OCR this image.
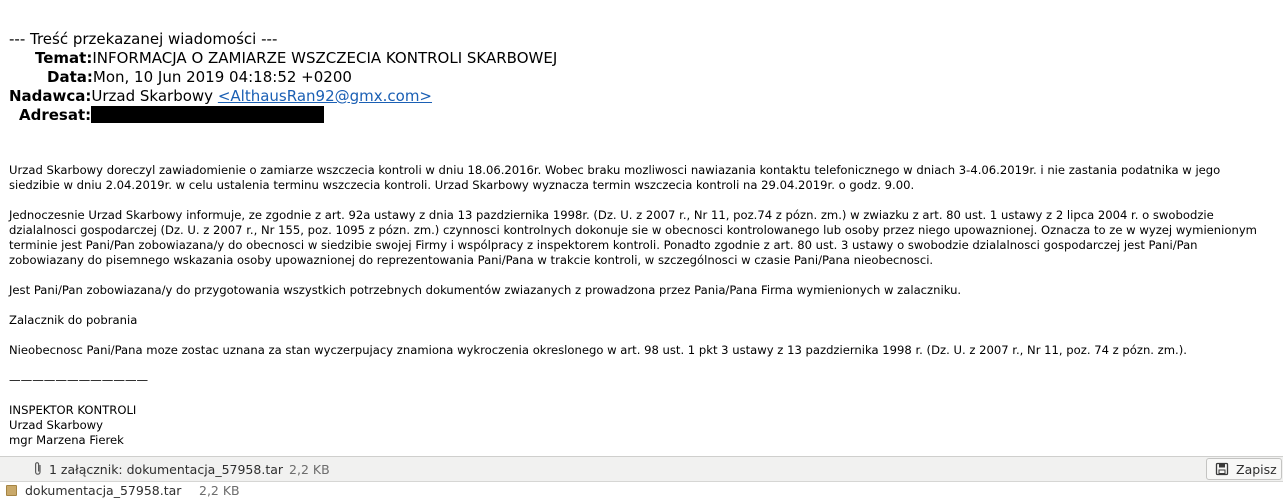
--- Treść przekazanej wiadomości ---
Temat:INFORMACJA O ZAMIARZE WSZCZECIA KONTROLI SKARBOWEJ
Data:Mon, 10 Jun 2019 04:18:52 +0200
Nadawca:Urzad Skarbowy <AlthausRan92@gmx.com>
Adresat:

Urzad Skarbowy doreczyl zawiadomienie o zamiarze wszczecia kontroli w dniu 18.06.2016r. Wobec braku mozliwosci nawiazania kontaktu telefonicznego w dniach 3-4.06.2019r. i nie zastania podatnika w jego siedzibie w dniu 2.04.2019r. w celu ustalenia terminu wszczecia kontroli. Urzad Skarbowy wyznacza termin wszczecia kontroli na 29.04.2019r. o godz. 9.00.

Jednoczesnie Urzad Skarbowy informuje, ze zgodnie z art. 92a ustawy z dnia 13 pazdziernika 1998r. (Dz. U. z 2007 r., Nr 11, poz.74 z pózn. zm.) w zwiazku z art. 80 ust. 1 ustawy z 2 lipca 2004 r. o swobodzie dzialalnosci gospodarczej (Dz. U. z 2007 r., Nr 155, poz. 1095 z pózn. zm.) czynnosci kontrolnych dokonuje sie w obecnosci kontrolowanego lub osoby przez niego upowaznionej. Oznacza to ze w wyzej wymienionym terminie jest Pani/Pan zobowiazana/y do obecnosci w siedzibie swojej Firmy i wspólpracy z inspektorem kontroli. Ponadto zgodnie z art. 80 ust. 3 ustawy o swobodzie dzialalnosci gospodarczej jest Pani/Pan zobowiazany do pisemnego wskazania osoby upowaznionej do reprezentowania Pani/Pana w trakcie kontroli, w szczególnosci w czasie Pani/Pana nieobecnosci.

Jest Pani/Pan zobowiazana/y do przygotowania wszystkich potrzebnych dokumentów zwiazanych z prowadzona przez Pania/Pana Firma wymienionych w zalaczniku.

Zalacznik do pobrania

Nieobecnosc Pani/Pana moze zostac uznana za stan wyczerpujacy znamiona wykroczenia okreslonego w art. 98 ust. 1 pkt 3 ustawy z 13 pazdziernika 1998 r. (Dz. U. z 2007 r., Nr 11, poz. 74 z pózn. zm.).

————————————

INSPEKTOR KONTROLI

Urzad Skarbowy

mgr Marzena Fierek

1 załącznik: dokumentacja_57958.tar 2,2 KB	Zapisz
dokumentacja_57958.tar 2,2 KB
